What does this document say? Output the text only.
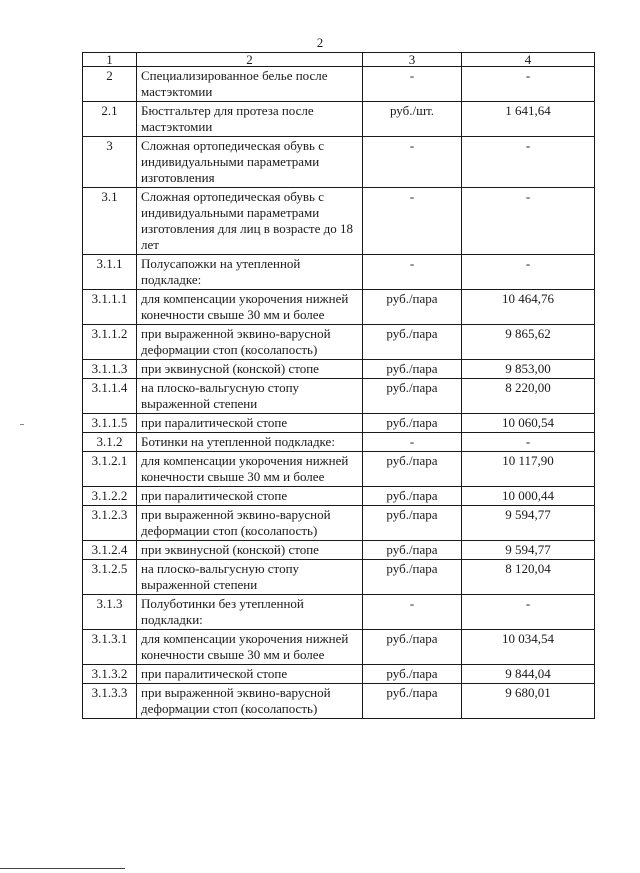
2
1	2	3	4
2	Специализированное белье после мастэктомии	-	-
2.1	Бюстгальтер для протеза после мастэктомии	руб./шт.	1 641,64
3	Сложная ортопедическая обувь с индивидуальными параметрами изготовления	-	-
3.1	Сложная ортопедическая обувь с индивидуальными параметрами изготовления для лиц в возрасте до 18 лет	-	-
3.1.1	Полусапожки на утепленной подкладке:	-	-
3.1.1.1	для компенсации укорочения нижней конечности свыше 30 мм и более	руб./пара	10 464,76
3.1.1.2	при выраженной эквино-варусной деформации стоп (косолапость)	руб./пара	9 865,62
3.1.1.3	при эквинусной (конской) стопе	руб./пара	9 853,00
3.1.1.4	на плоско-вальгусную стопу выраженной степени	руб./пара	8 220,00
3.1.1.5	при паралитической стопе	руб./пара	10 060,54
3.1.2	Ботинки на утепленной подкладке:	-	-
3.1.2.1	для компенсации укорочения нижней конечности свыше 30 мм и более	руб./пара	10 117,90
3.1.2.2	при паралитической стопе	руб./пара	10 000,44
3.1.2.3	при выраженной эквино-варусной деформации стоп (косолапость)	руб./пара	9 594,77
3.1.2.4	при эквинусной (конской) стопе	руб./пара	9 594,77
3.1.2.5	на плоско-вальгусную стопу выраженной степени	руб./пара	8 120,04
3.1.3	Полуботинки без утепленной подкладки:	-	-
3.1.3.1	для компенсации укорочения нижней конечности свыше 30 мм и более	руб./пара	10 034,54
3.1.3.2	при паралитической стопе	руб./пара	9 844,04
3.1.3.3	при выраженной эквино-варусной деформации стоп (косолапость)	руб./пара	9 680,01
